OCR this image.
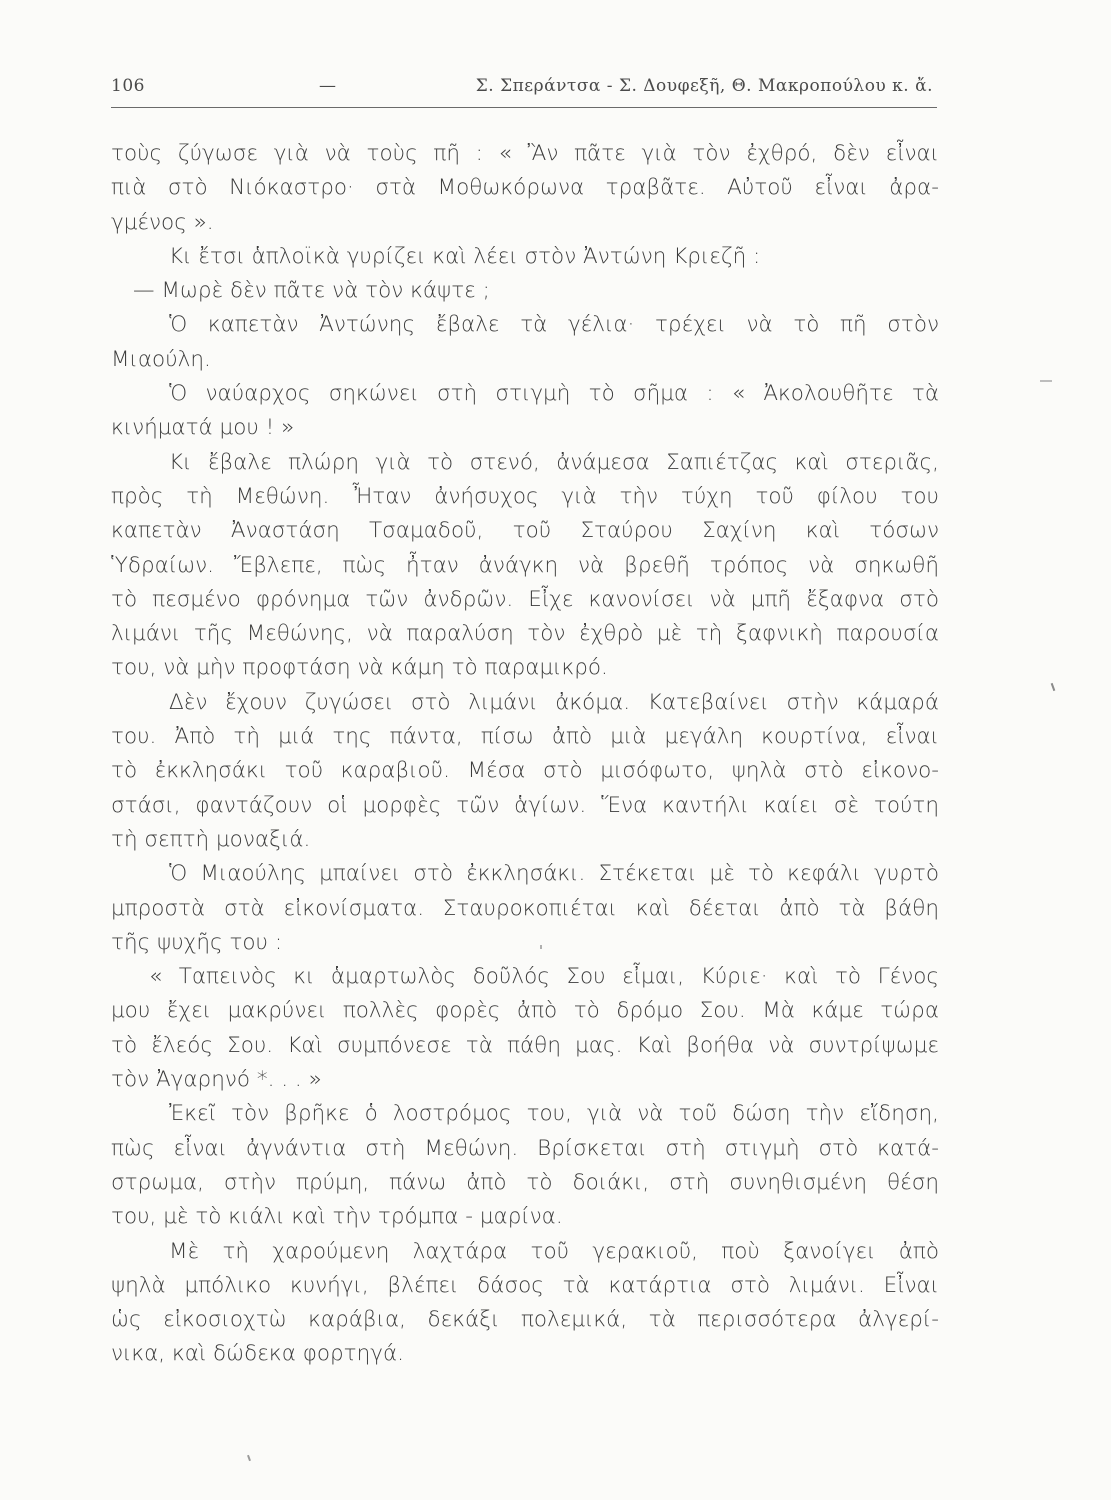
106	—	Σ. Σπεράντσα - Σ. Δουφεξῆ, Θ. Μακροπούλου κ. ἄ.
τοὺς ζύγωσε γιὰ νὰ τοὺς πῆ : « Ἂν πᾶτε γιὰ τὸν ἐχθρό, δὲν εἶναι
πιὰ στὸ Νιόκαστρο· στὰ Μοθωκόρωνα τραβᾶτε. Αὐτοῦ εἶναι ἀρα-
γμένος ».
Κι ἔτσι ἁπλοϊκὰ γυρίζει καὶ λέει στὸν Ἀντώνη Κριεζῆ :
— Μωρὲ δὲν πᾶτε νὰ τὸν κάψτε ;
Ὁ καπετὰν Ἀντώνης ἔβαλε τὰ γέλια· τρέχει νὰ τὸ πῆ στὸν
Μιαούλη.
Ὁ ναύαρχος σηκώνει στὴ στιγμὴ τὸ σῆμα : « Ἀκολουθῆτε τὰ
κινήματά μου ! »
Κι ἔβαλε πλώρη γιὰ τὸ στενό, ἀνάμεσα Σαπιέτζας καὶ στεριᾶς,
πρὸς τὴ Μεθώνη. Ἦταν ἀνήσυχος γιὰ τὴν τύχη τοῦ φίλου του
καπετὰν Ἀναστάση Τσαμαδοῦ, τοῦ Σταύρου Σαχίνη καὶ τόσων
Ὑδραίων. Ἔβλεπε, πὼς ἦταν ἀνάγκη νὰ βρεθῆ τρόπος νὰ σηκωθῆ
τὸ πεσμένο φρόνημα τῶν ἀνδρῶν. Εἶχε κανονίσει νὰ μπῆ ἔξαφνα στὸ
λιμάνι τῆς Μεθώνης, νὰ παραλύση τὸν ἐχθρὸ μὲ τὴ ξαφνικὴ παρουσία
του, νὰ μὴν προφτάση νὰ κάμη τὸ παραμικρό.
Δὲν ἔχουν ζυγώσει στὸ λιμάνι ἀκόμα. Κατεβαίνει στὴν κάμαρά
του. Ἀπὸ τὴ μιά της πάντα, πίσω ἀπὸ μιὰ μεγάλη κουρτίνα, εἶναι
τὸ ἐκκλησάκι τοῦ καραβιοῦ. Μέσα στὸ μισόφωτο, ψηλὰ στὸ εἰκονο-
στάσι, φαντάζουν οἱ μορφὲς τῶν ἁγίων. Ἕνα καντήλι καίει σὲ τούτη
τὴ σεπτὴ μοναξιά.
Ὁ Μιαούλης μπαίνει στὸ ἐκκλησάκι. Στέκεται μὲ τὸ κεφάλι γυρτὸ
μπροστὰ στὰ εἰκονίσματα. Σταυροκοπιέται καὶ δέεται ἀπὸ τὰ βάθη
τῆς ψυχῆς του :
« Ταπεινὸς κι ἁμαρτωλὸς δοῦλός Σου εἶμαι, Κύριε· καὶ τὸ Γένος
μου ἔχει μακρύνει πολλὲς φορὲς ἀπὸ τὸ δρόμο Σου. Μὰ κάμε τώρα
τὸ ἔλεός Σου. Καὶ συμπόνεσε τὰ πάθη μας. Καὶ βοήθα νὰ συντρίψωμε
τὸν Ἀγαρηνό *. . . »
Ἐκεῖ τὸν βρῆκε ὁ λοστρόμος του, γιὰ νὰ τοῦ δώση τὴν εἴδηση,
πὼς εἶναι ἀγνάντια στὴ Μεθώνη. Βρίσκεται στὴ στιγμὴ στὸ κατά-
στρωμα, στὴν πρύμη, πάνω ἀπὸ τὸ δοιάκι, στὴ συνηθισμένη θέση
του, μὲ τὸ κιάλι καὶ τὴν τρόμπα - μαρίνα.
Μὲ τὴ χαρούμενη λαχτάρα τοῦ γερακιοῦ, ποὺ ξανοίγει ἀπὸ
ψηλὰ μπόλικο κυνήγι, βλέπει δάσος τὰ κατάρτια στὸ λιμάνι. Εἶναι
ὡς εἰκοσιοχτὼ καράβια, δεκάξι πολεμικά, τὰ περισσότερα ἀλγερί-
νικα, καὶ δώδεκα φορτηγά.
